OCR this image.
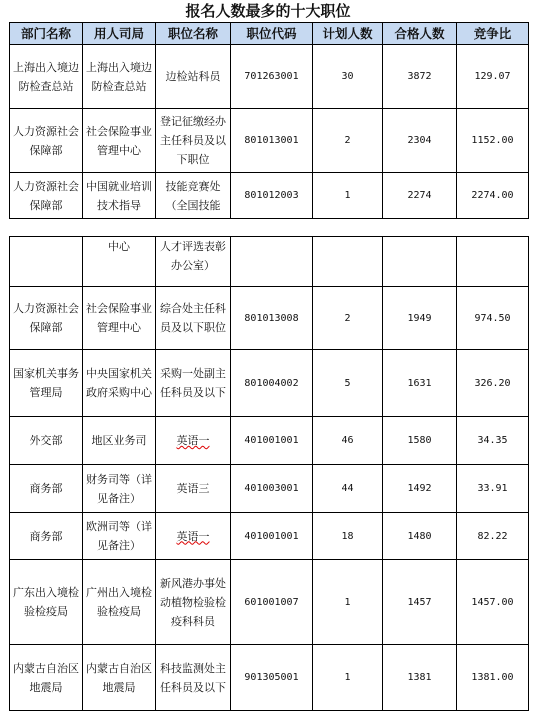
报名人数最多的十大职位
部门名称	用人司局	职位名称	职位代码	计划人数	合格人数	竞争比
上海出入境边防检查总站	上海出入境边防检查总站	边检站科员	701263001	30	3872	129.07
人力资源社会保障部	社会保险事业管理中心	登记征缴经办主任科员及以下职位	801013001	2	2304	1152.00
人力资源社会保障部	中国就业培训技术指导	技能竞赛处（全国技能	801012003	1	2274	2274.00
	中心	人才评选表彰办公室）				
人力资源社会保障部	社会保险事业管理中心	综合处主任科员及以下职位	801013008	2	1949	974.50
国家机关事务管理局	中央国家机关政府采购中心	采购一处副主任科员及以下	801004002	5	1631	326.20
外交部	地区业务司	英语一	401001001	46	1580	34.35
商务部	财务司等（详见备注）	英语三	401003001	44	1492	33.91
商务部	欧洲司等（详见备注）	英语一	401001001	18	1480	82.22
广东出入境检验检疫局	广州出入境检验检疫局	新风港办事处动植物检验检疫科科员	601001007	1	1457	1457.00
内蒙古自治区地震局	内蒙古自治区地震局	科技监测处主任科员及以下	901305001	1	1381	1381.00
